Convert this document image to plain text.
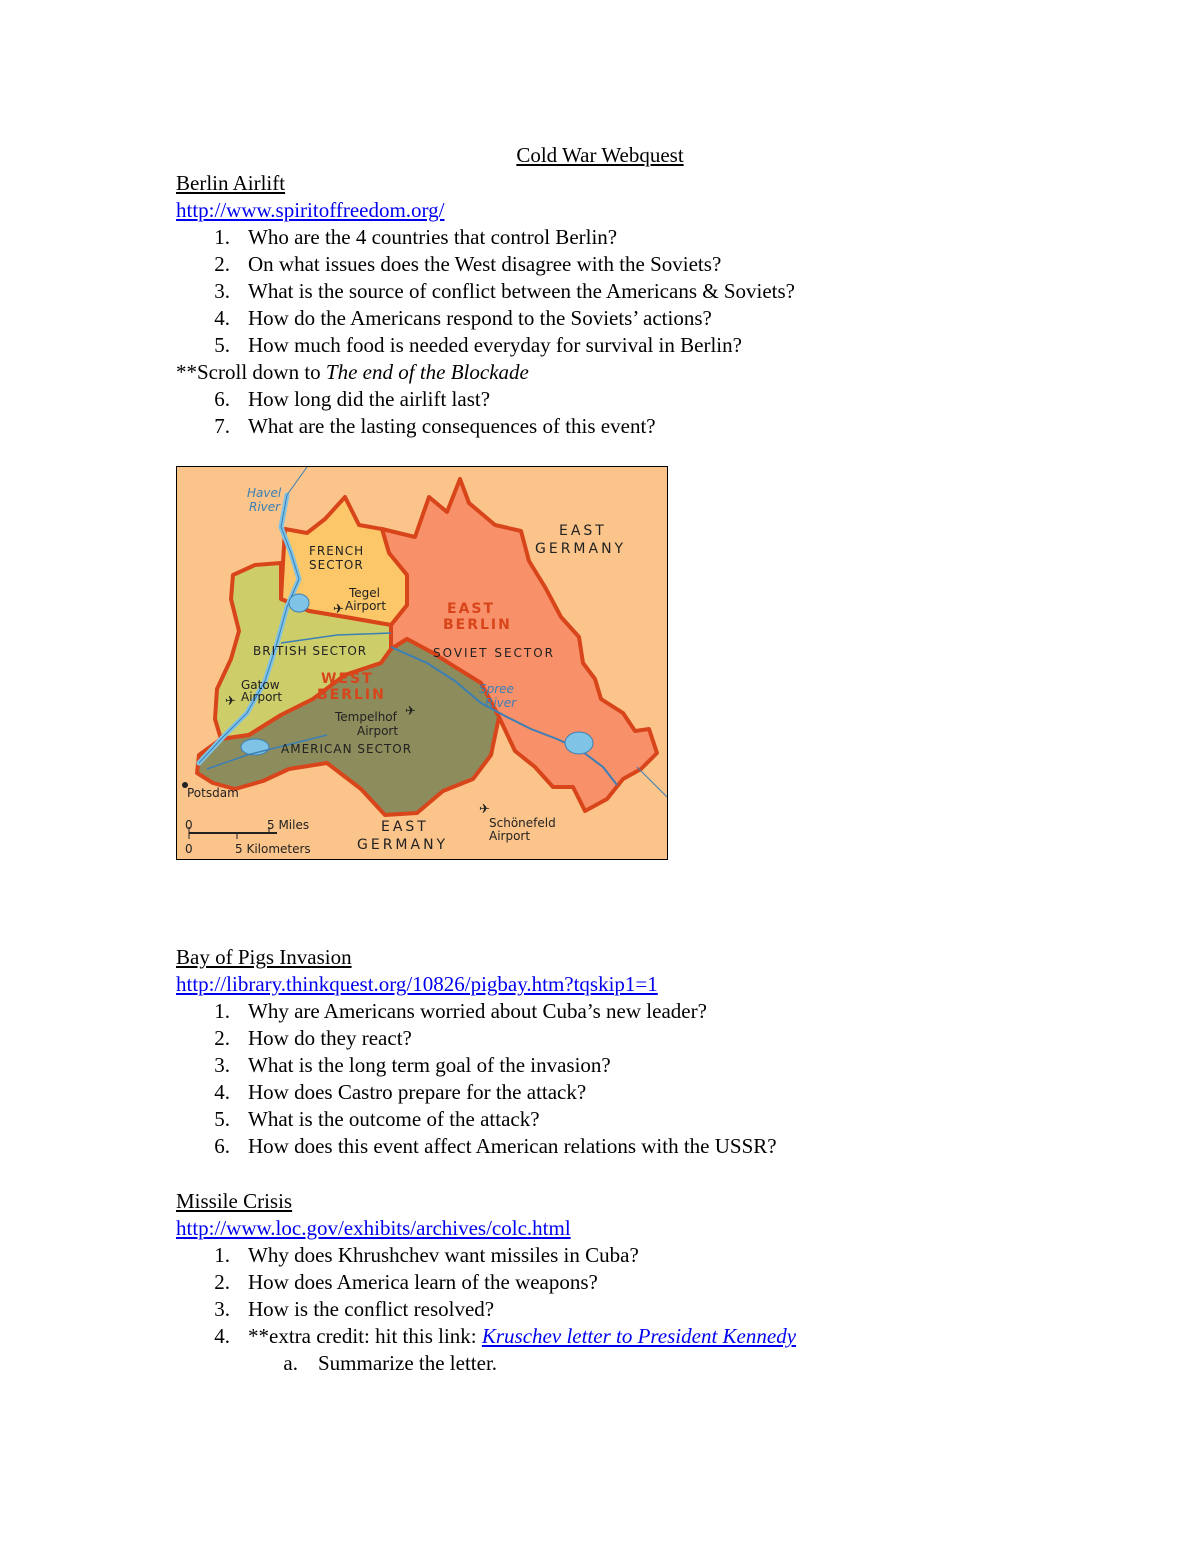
Cold War Webquest
Berlin Airlift
http://www.spiritoffreedom.org/
1. Who are the 4 countries that control Berlin?
2. On what issues does the West disagree with the Soviets?
3. What is the source of conflict between the Americans & Soviets?
4. How do the Americans respond to the Soviets’ actions?
5. How much food is needed everyday for survival in Berlin?
**Scroll down to The end of the Blockade
6. How long did the airlift last?
7. What are the lasting consequences of this event?
Havel
River
EAST
GERMANY
FRENCH
SECTOR
Tegel
Airport
✈	EAST
BERLIN
BRITISH SECTOR	SOVIET SECTOR
Gatow
Airport
✈
WEST
BERLIN	Spree
River
Tempelhof
Airport
✈
AMERICAN SECTOR
Potsdam
0	5 Miles
0	5 Kilometers
EAST
GERMANY
✈
Schönefeld
Airport
Bay of Pigs Invasion
http://library.thinkquest.org/10826/pigbay.htm?tqskip1=1
1. Why are Americans worried about Cuba’s new leader?
2. How do they react?
3. What is the long term goal of the invasion?
4. How does Castro prepare for the attack?
5. What is the outcome of the attack?
6. How does this event affect American relations with the USSR?
Missile Crisis
http://www.loc.gov/exhibits/archives/colc.html
1. Why does Khrushchev want missiles in Cuba?
2. How does America learn of the weapons?
3. How is the conflict resolved?
4. **extra credit: hit this link: Kruschev letter to President Kennedy
a. Summarize the letter.
